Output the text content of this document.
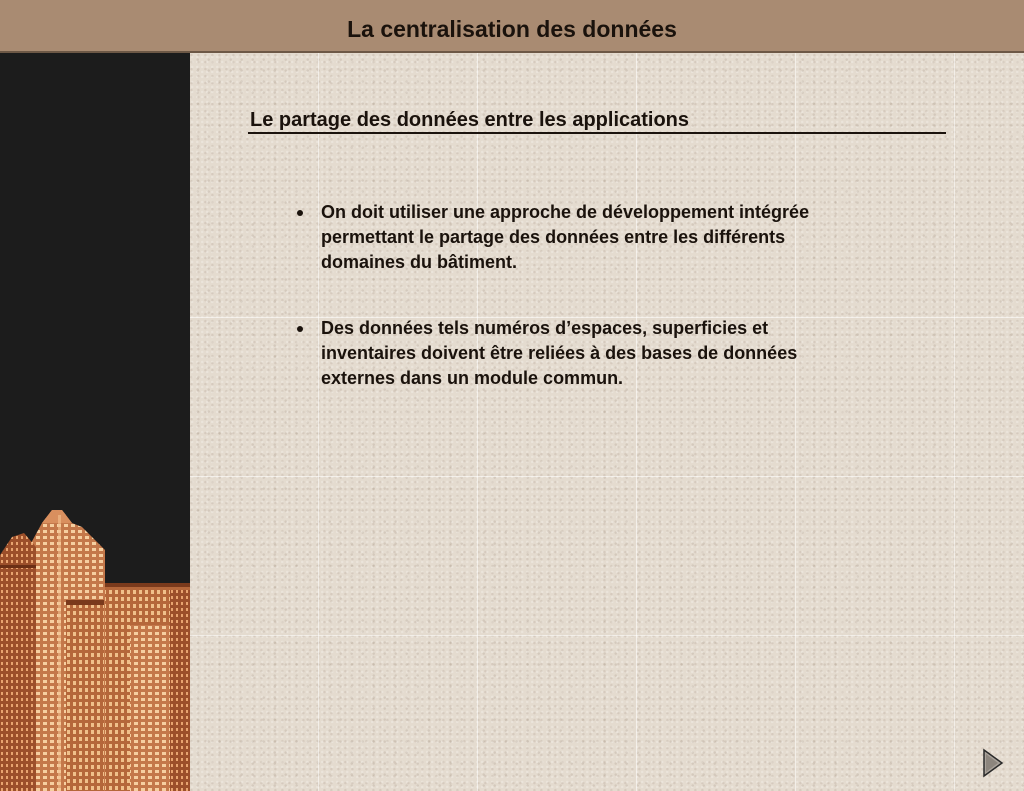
La centralisation des données
Le partage des données entre les applications
On doit utiliser une approche de développement intégrée permettant le partage des données entre les différents domaines du bâtiment.
Des données tels numéros d’espaces, superficies et inventaires doivent être reliées à des bases de données externes dans un module commun.
